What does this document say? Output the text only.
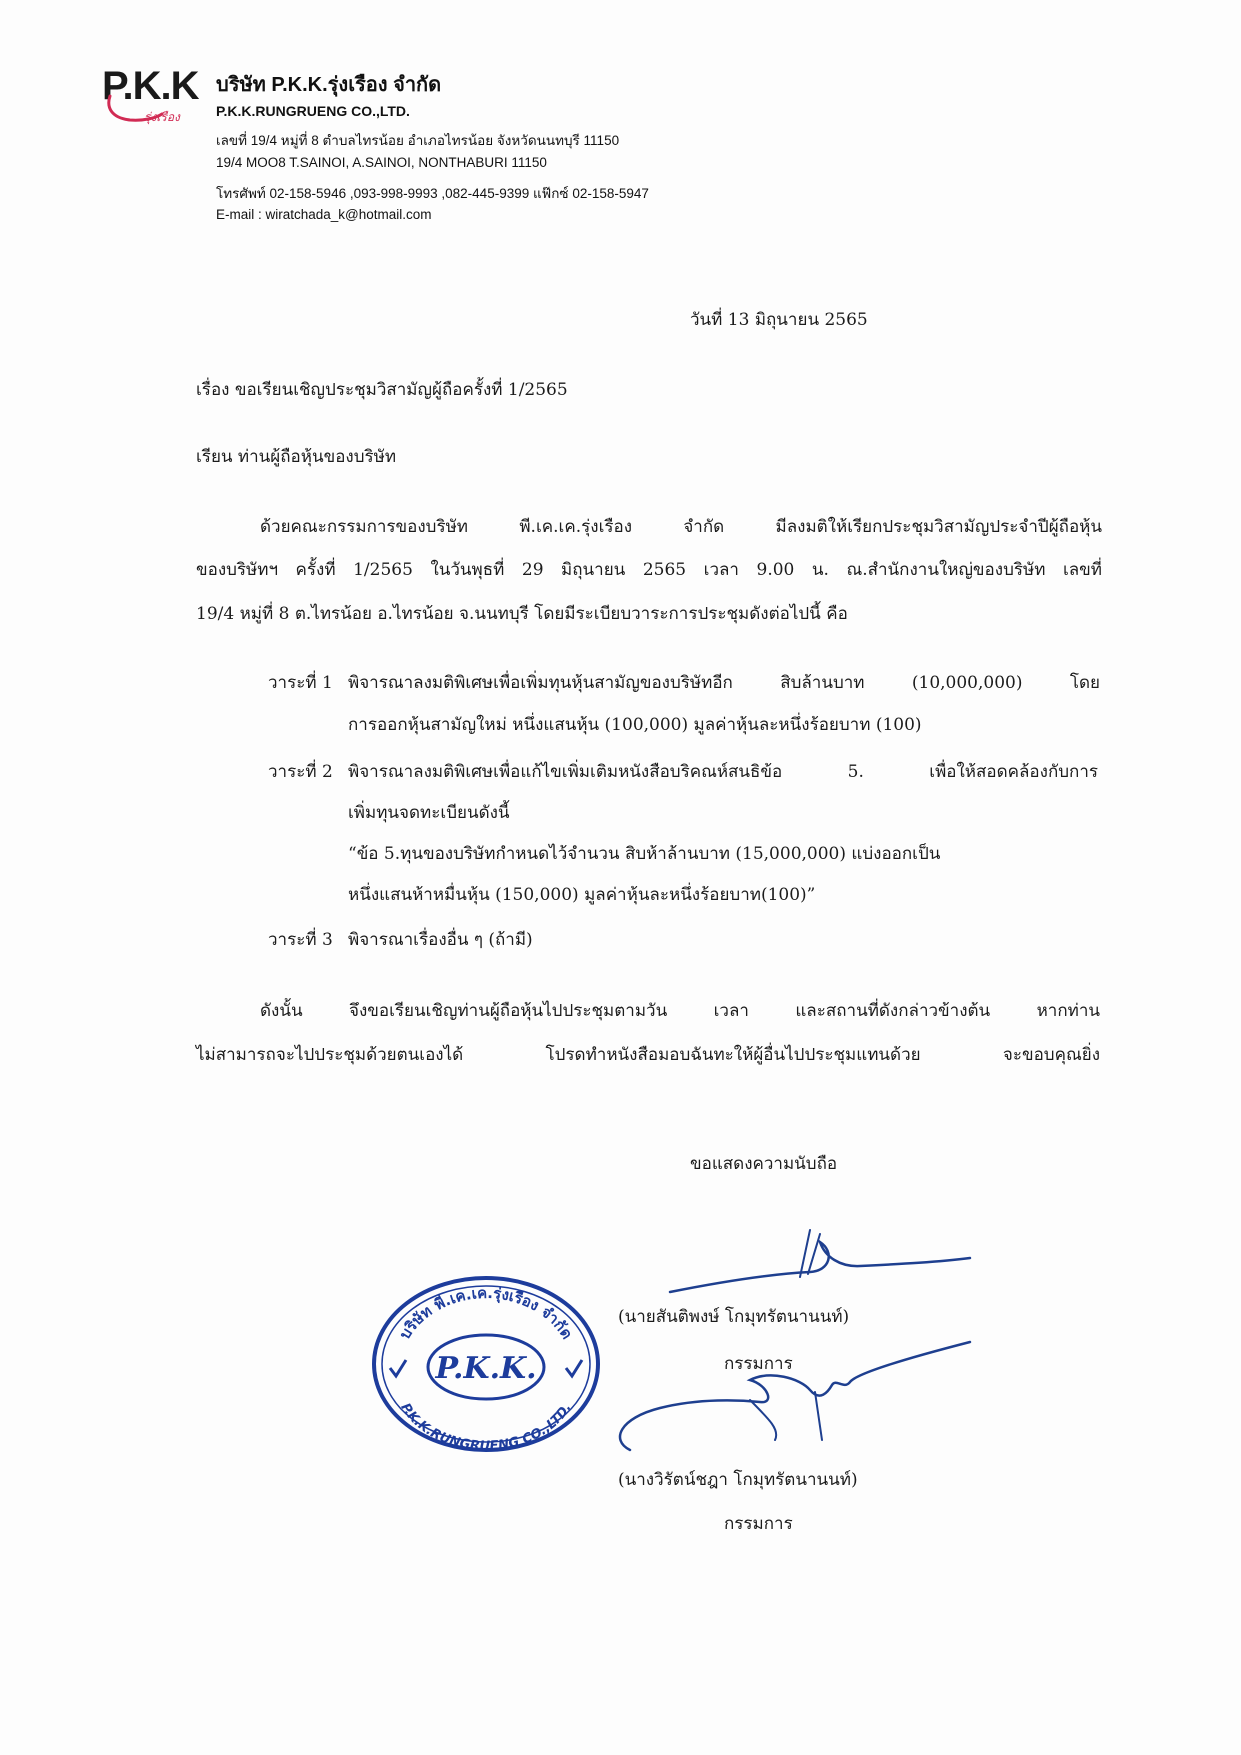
P.K.K
รุ่งเรือง
บริษัท P.K.K.รุ่งเรือง จำกัด
P.K.K.RUNGRUENG CO.,LTD.
เลขที่ 19/4 หมู่ที่ 8 ตำบลไทรน้อย อำเภอไทรน้อย จังหวัดนนทบุรี 11150
19/4 MOO8 T.SAINOI, A.SAINOI, NONTHABURI 11150
โทรศัพท์ 02-158-5946 ,093-998-9993 ,082-445-9399 แฟ๊กซ์ 02-158-5947
E-mail : wiratchada_k@hotmail.com
วันที่ 13 มิถุนายน 2565
เรื่อง ขอเรียนเชิญประชุมวิสามัญผู้ถือครั้งที่ 1/2565
เรียน ท่านผู้ถือหุ้นของบริษัท
ด้วยคณะกรรมการของบริษัท พี.เค.เค.รุ่งเรือง จำกัด มีลงมติให้เรียกประชุมวิสามัญประจำปีผู้ถือหุ้น
ของบริษัทฯ ครั้งที่ 1/2565 ในวันพุธที่ 29 มิถุนายน 2565 เวลา 9.00 น. ณ.สำนักงานใหญ่ของบริษัท เลขที่
19/4 หมู่ที่ 8 ต.ไทรน้อย อ.ไทรน้อย จ.นนทบุรี โดยมีระเบียบวาระการประชุมดังต่อไปนี้ คือ
วาระที่ 1 พิจารณาลงมติพิเศษเพื่อเพิ่มทุนหุ้นสามัญของบริษัทอีก สิบล้านบาท (10,000,000) โดย
การออกหุ้นสามัญใหม่ หนึ่งแสนหุ้น (100,000) มูลค่าหุ้นละหนึ่งร้อยบาท (100)
วาระที่ 2 พิจารณาลงมติพิเศษเพื่อแก้ไขเพิ่มเติมหนังสือบริคณห์สนธิข้อ 5. เพื่อให้สอดคล้องกับการ
เพิ่มทุนจดทะเบียนดังนี้
“ข้อ 5.ทุนของบริษัทกำหนดไว้จำนวน สิบห้าล้านบาท (15,000,000) แบ่งออกเป็น
หนึ่งแสนห้าหมื่นหุ้น (150,000) มูลค่าหุ้นละหนึ่งร้อยบาท(100)”
วาระที่ 3 พิจารณาเรื่องอื่น ๆ (ถ้ามี)
ดังนั้น จึงขอเรียนเชิญท่านผู้ถือหุ้นไปประชุมตามวัน เวลา และสถานที่ดังกล่าวข้างต้น หากท่าน
ไม่สามารถจะไปประชุมด้วยตนเองได้ โปรดทำหนังสือมอบฉันทะให้ผู้อื่นไปประชุมแทนด้วย จะขอบคุณยิ่ง
ขอแสดงความนับถือ
(นายสันติพงษ์ โกมุทรัตนานนท์)
กรรมการ
(นางวิรัตน์ชฎา โกมุทรัตนานนท์)
กรรมการ
บริษัท พี.เค.เค.รุ่งเรือง จำกัด
P.K.K.
P.K.K.RUNGRUENG CO.,LTD.
